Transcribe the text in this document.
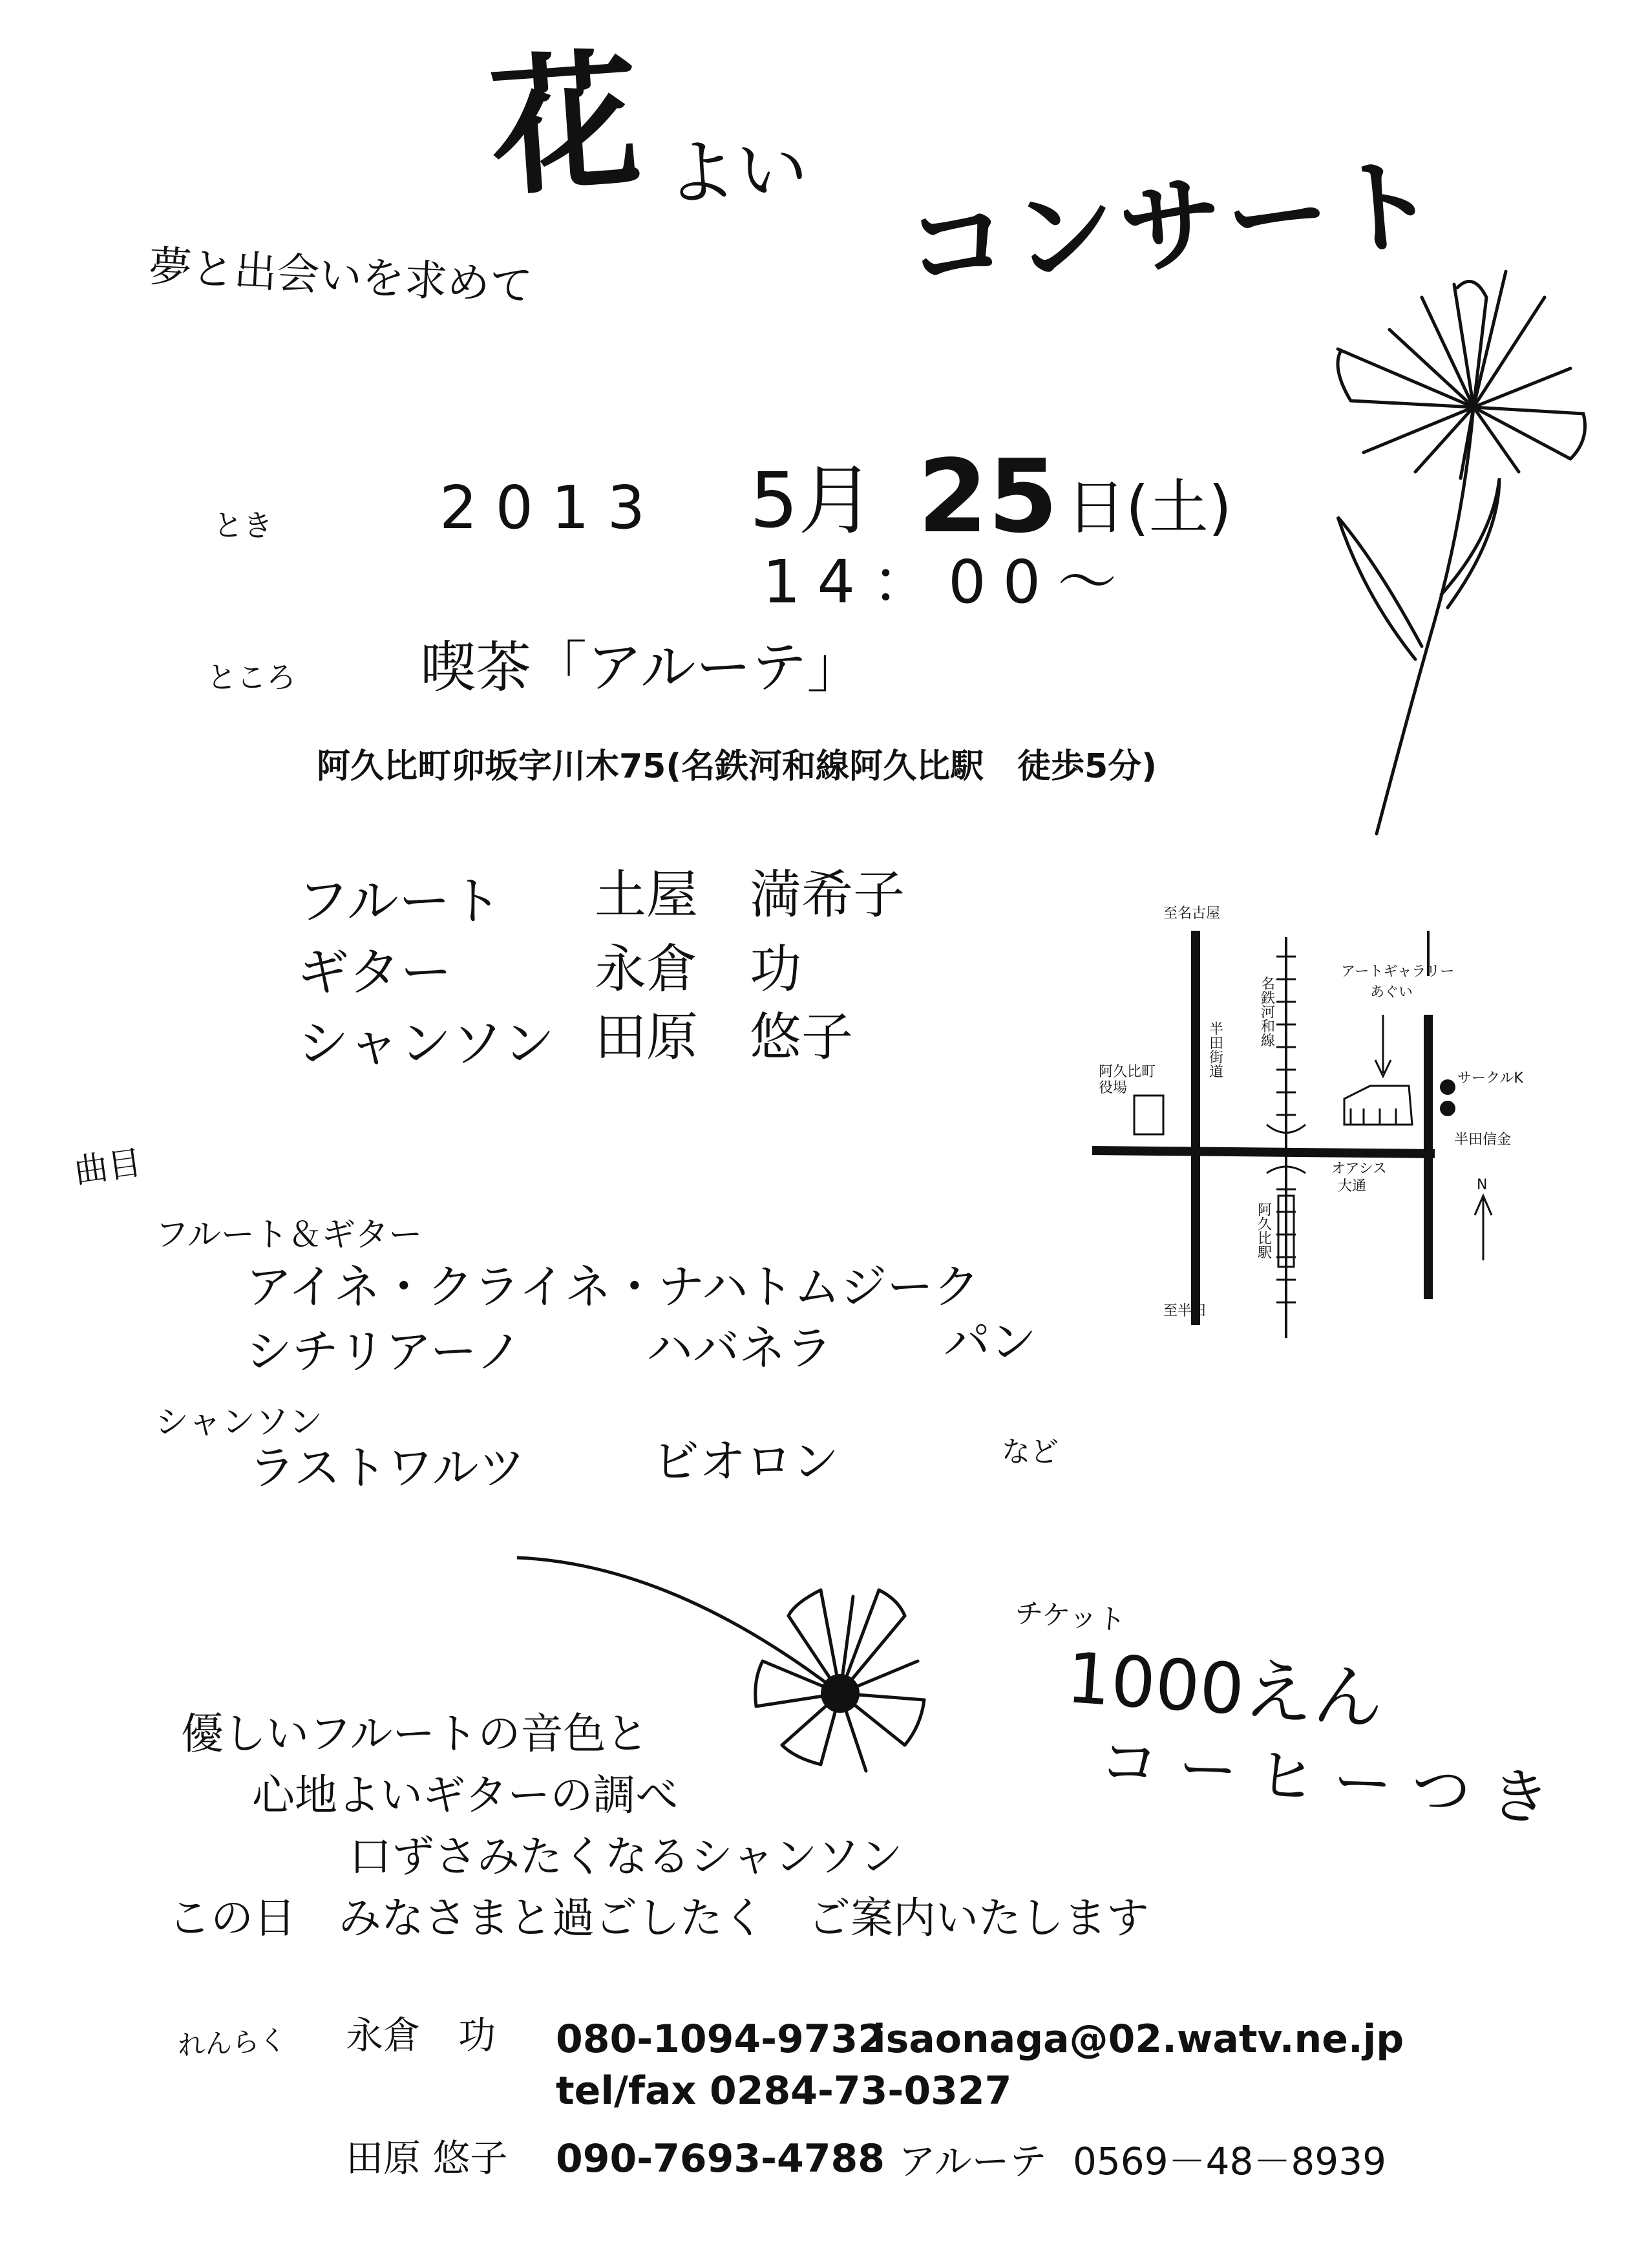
花 よい コンサート
夢と出会いを求めて
とき	2013 5月 25 日(土)
14：00～
ところ 喫茶「アルーテ」
阿久比町卯坂字川木75(名鉄河和線阿久比駅　徒歩5分)
フルート 土屋　満希子
ギター	永倉　功
シャンソン 田原　悠子
至名古屋
アートギャラリー
あぐい
阿久比町
役場
半田街道
名鉄河和線
サークルK
半田信金
オアシス
大通
阿久比駅
至半田
N
曲目
フルート＆ギター
アイネ・クライネ・ナハトムジーク
シチリアーノ	ハバネラ パン
シャンソン
ラストワルツ	ビオロン	など
チケット
1000えん
コーヒーつき
優しいフルートの音色と
心地よいギターの調べ
口ずさみたくなるシャンソン
この日　みなさまと過ごしたく　ご案内いたします
れんらく 永倉　功 080-1094-9732
isaonaga@02.watv.ne.jp
tel/fax 0284-73-0327
田原 悠子 090-7693-4788 アルーテ 0569－48－8939
